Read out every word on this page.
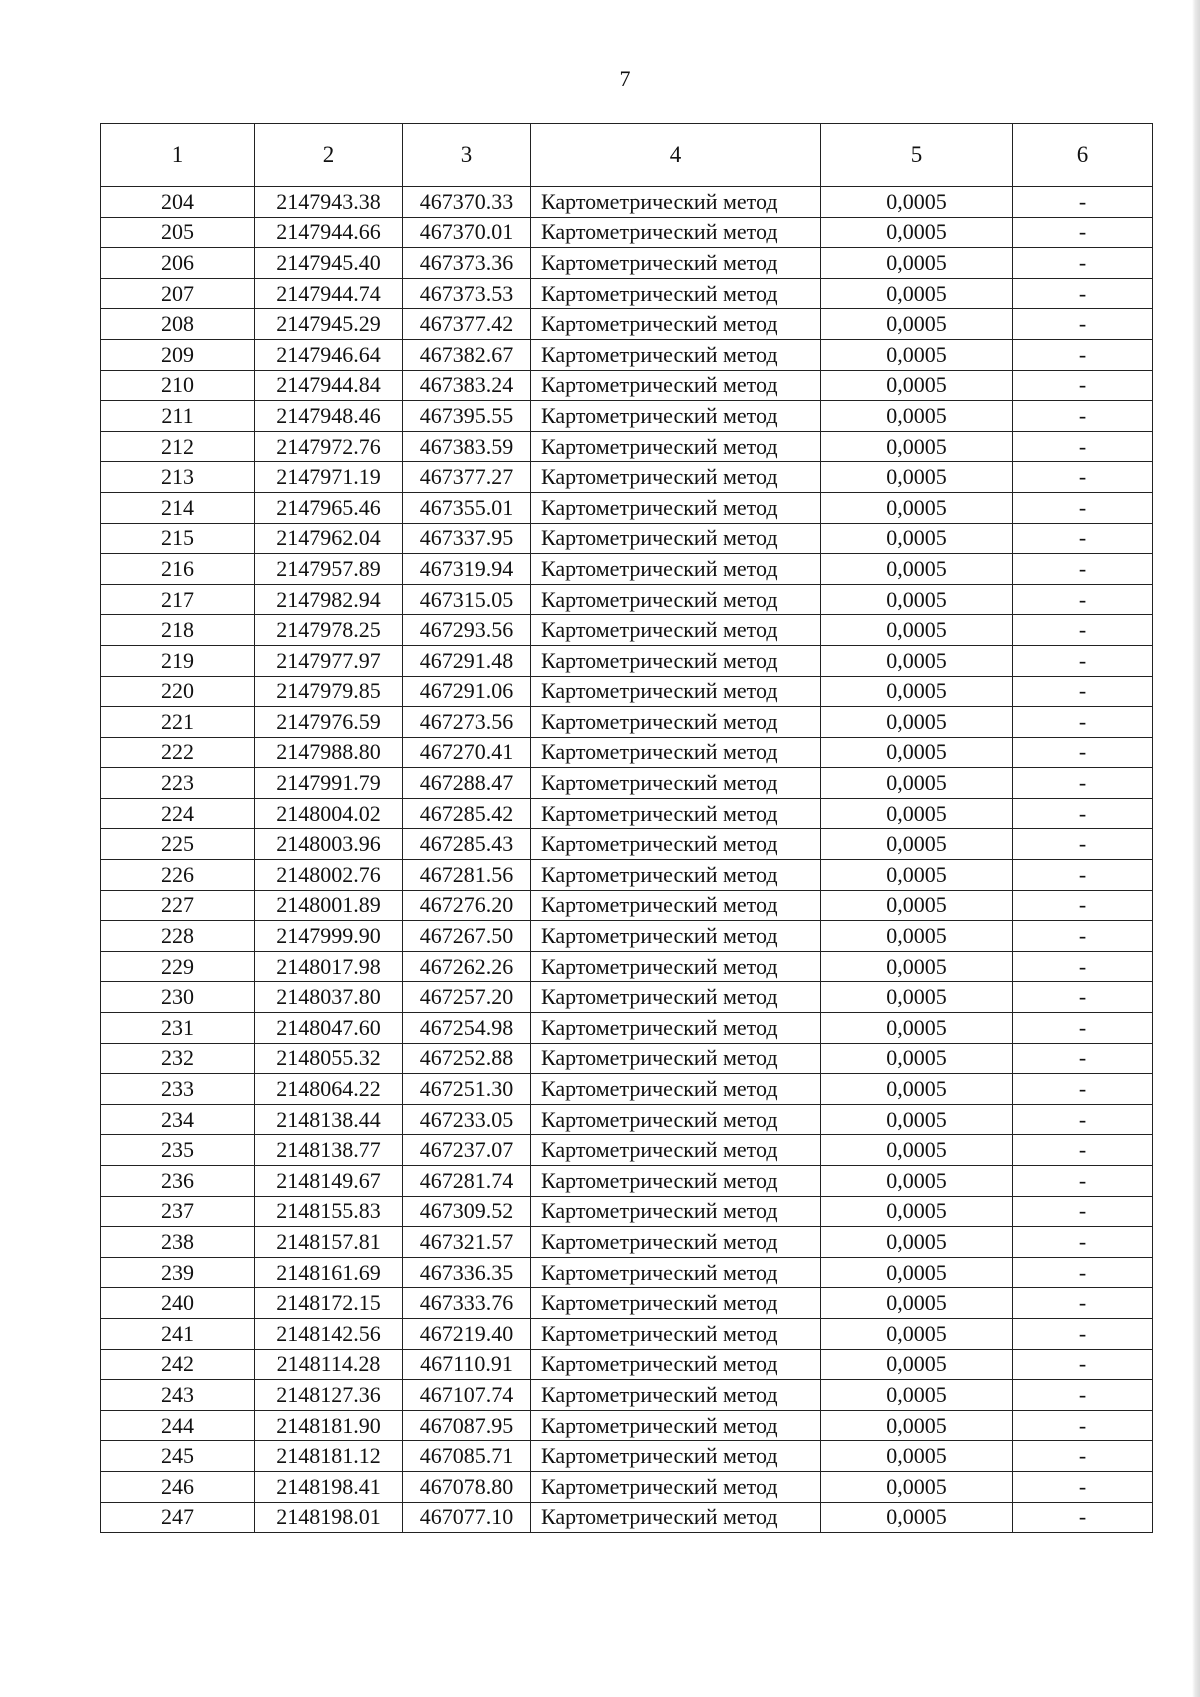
7
1	2	3	4	5	6
204	2147943.38	467370.33	Картометрический метод	0,0005	-
205	2147944.66	467370.01	Картометрический метод	0,0005	-
206	2147945.40	467373.36	Картометрический метод	0,0005	-
207	2147944.74	467373.53	Картометрический метод	0,0005	-
208	2147945.29	467377.42	Картометрический метод	0,0005	-
209	2147946.64	467382.67	Картометрический метод	0,0005	-
210	2147944.84	467383.24	Картометрический метод	0,0005	-
211	2147948.46	467395.55	Картометрический метод	0,0005	-
212	2147972.76	467383.59	Картометрический метод	0,0005	-
213	2147971.19	467377.27	Картометрический метод	0,0005	-
214	2147965.46	467355.01	Картометрический метод	0,0005	-
215	2147962.04	467337.95	Картометрический метод	0,0005	-
216	2147957.89	467319.94	Картометрический метод	0,0005	-
217	2147982.94	467315.05	Картометрический метод	0,0005	-
218	2147978.25	467293.56	Картометрический метод	0,0005	-
219	2147977.97	467291.48	Картометрический метод	0,0005	-
220	2147979.85	467291.06	Картометрический метод	0,0005	-
221	2147976.59	467273.56	Картометрический метод	0,0005	-
222	2147988.80	467270.41	Картометрический метод	0,0005	-
223	2147991.79	467288.47	Картометрический метод	0,0005	-
224	2148004.02	467285.42	Картометрический метод	0,0005	-
225	2148003.96	467285.43	Картометрический метод	0,0005	-
226	2148002.76	467281.56	Картометрический метод	0,0005	-
227	2148001.89	467276.20	Картометрический метод	0,0005	-
228	2147999.90	467267.50	Картометрический метод	0,0005	-
229	2148017.98	467262.26	Картометрический метод	0,0005	-
230	2148037.80	467257.20	Картометрический метод	0,0005	-
231	2148047.60	467254.98	Картометрический метод	0,0005	-
232	2148055.32	467252.88	Картометрический метод	0,0005	-
233	2148064.22	467251.30	Картометрический метод	0,0005	-
234	2148138.44	467233.05	Картометрический метод	0,0005	-
235	2148138.77	467237.07	Картометрический метод	0,0005	-
236	2148149.67	467281.74	Картометрический метод	0,0005	-
237	2148155.83	467309.52	Картометрический метод	0,0005	-
238	2148157.81	467321.57	Картометрический метод	0,0005	-
239	2148161.69	467336.35	Картометрический метод	0,0005	-
240	2148172.15	467333.76	Картометрический метод	0,0005	-
241	2148142.56	467219.40	Картометрический метод	0,0005	-
242	2148114.28	467110.91	Картометрический метод	0,0005	-
243	2148127.36	467107.74	Картометрический метод	0,0005	-
244	2148181.90	467087.95	Картометрический метод	0,0005	-
245	2148181.12	467085.71	Картометрический метод	0,0005	-
246	2148198.41	467078.80	Картометрический метод	0,0005	-
247	2148198.01	467077.10	Картометрический метод	0,0005	-
